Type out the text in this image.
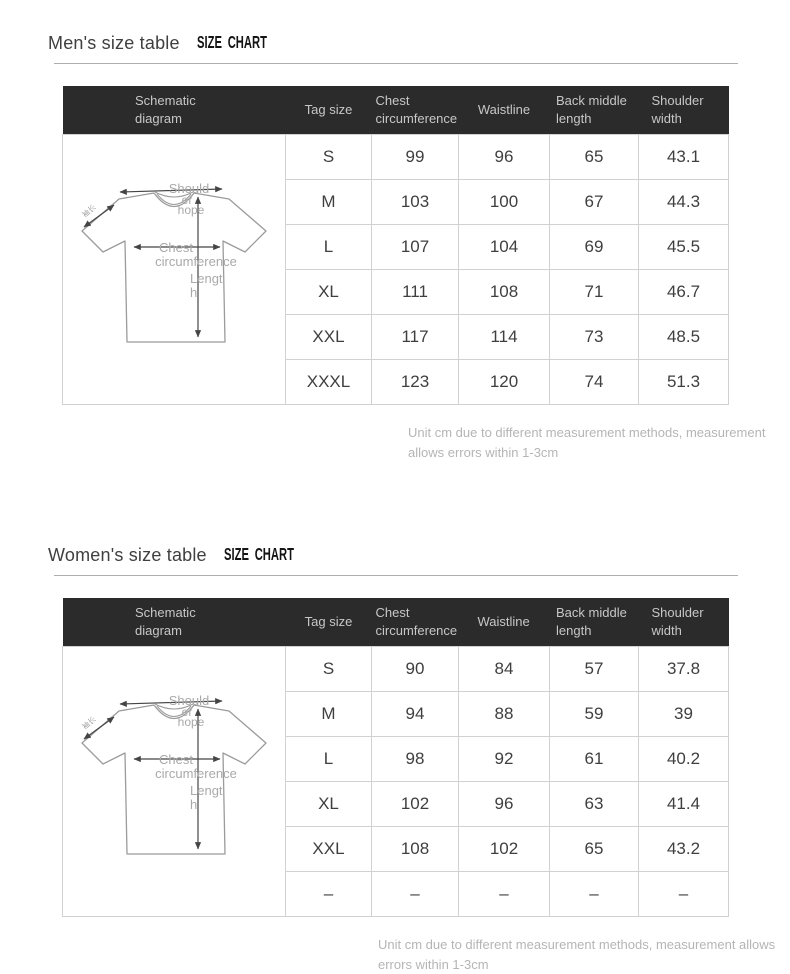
Men's size table SIZE CHART
Schematic diagram	Tag size	Chest circumference	Waistline	Back middle length	Shoulder width

Should
er
hope
袖长
Chest
circumference
Lengt
h
	S	99	96	65	43.1
	M	103	100	67	44.3
	L	107	104	69	45.5
	XL	111	108	71	46.7
	XXL	117	114	73	48.5
	XXXL	123	120	74	51.3

Unit cm due to different measurement methods, measurement allows errors within 1-3cm

Women's size table SIZE CHART
Schematic diagram	Tag size	Chest circumference	Waistline	Back middle length	Shoulder width

Should
er
hope
袖长
Chest
circumference
Lengt
h
	S	90	84	57	37.8
	M	94	88	59	39
	L	98	92	61	40.2
	XL	102	96	63	41.4
	XXL	108	102	65	43.2
	–	–	–	–	–

Unit cm due to different measurement methods, measurement allows errors within 1-3cm
